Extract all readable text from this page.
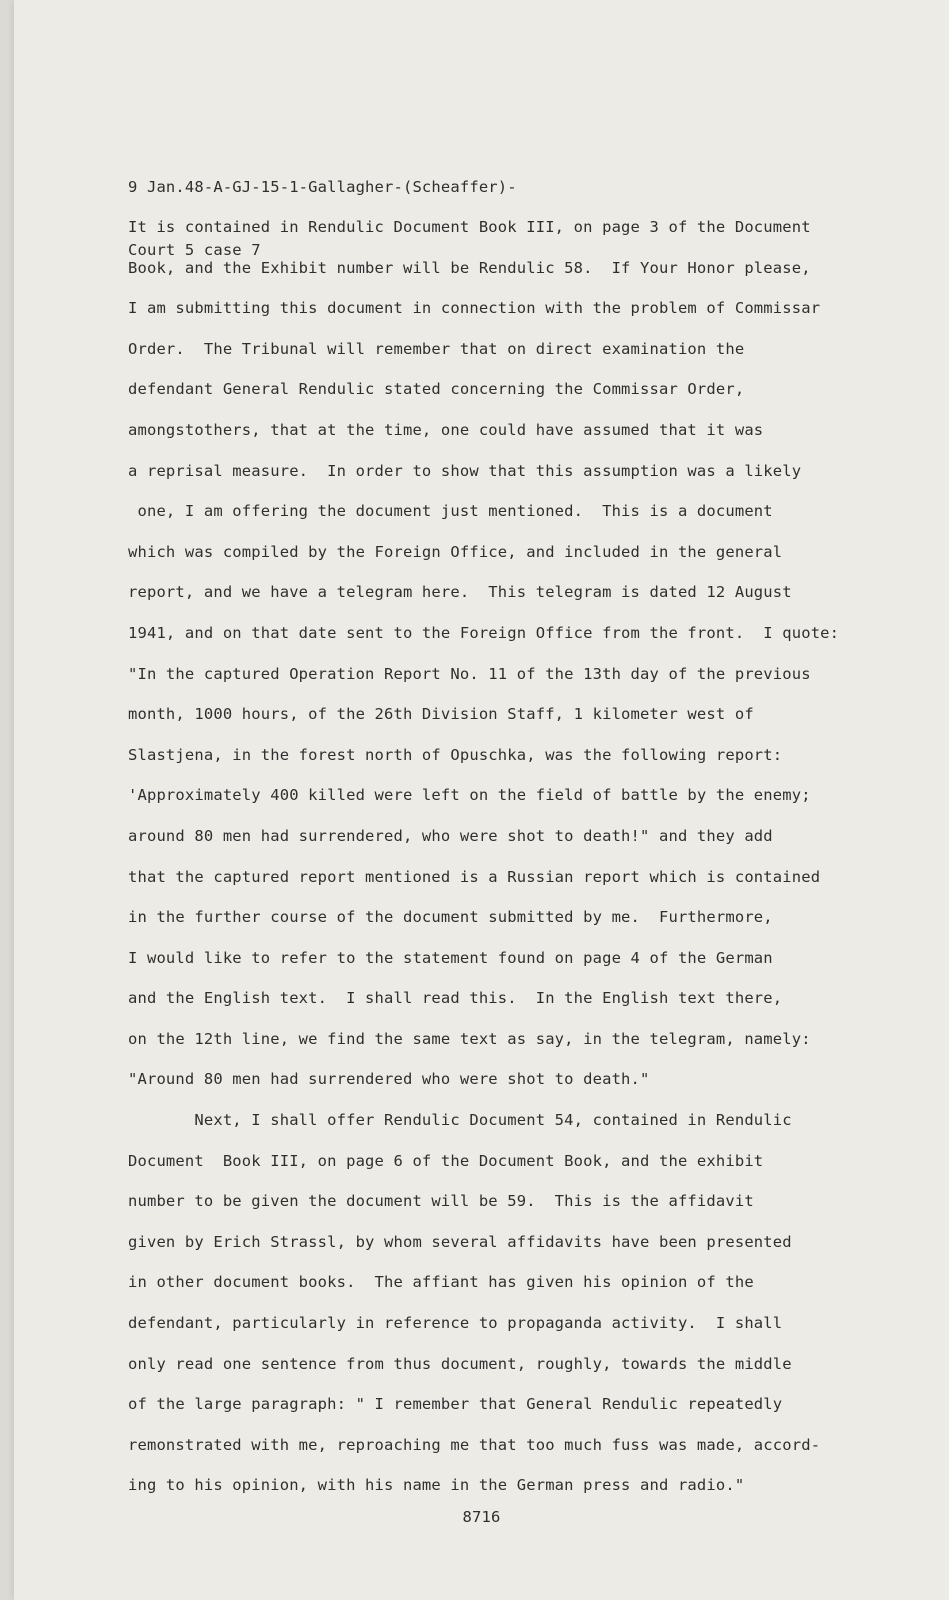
9 Jan.48-A-GJ-15-1-Gallagher-(Scheaffer)-

Court 5 case 7

It is contained in Rendulic Document Book III, on page 3 of the Document
Book, and the Exhibit number will be Rendulic 58.  If Your Honor please,
I am submitting this document in connection with the problem of Commissar
Order.  The Tribunal will remember that on direct examination the
defendant General Rendulic stated concerning the Commissar Order,
amongstothers, that at the time, one could have assumed that it was
a reprisal measure.  In order to show that this assumption was a likely
one, I am offering the document just mentioned.  This is a document
which was compiled by the Foreign Office, and included in the general
report, and we have a telegram here.  This telegram is dated 12 August
1941, and on that date sent to the Foreign Office from the front.  I quote:
"In the captured Operation Report No. 11 of the 13th day of the previous
month, 1000 hours, of the 26th Division Staff, 1 kilometer west of
Slastjena, in the forest north of Opuschka, was the following report:
'Approximately 400 killed were left on the field of battle by the enemy;
around 80 men had surrendered, who were shot to death!" and they add
that the captured report mentioned is a Russian report which is contained
in the further course of the document submitted by me.  Furthermore,
I would like to refer to the statement found on page 4 of the German
and the English text.  I shall read this.  In the English text there,
on the 12th line, we find the same text as say, in the telegram, namely:
"Around 80 men had surrendered who were shot to death."
Next, I shall offer Rendulic Document 54, contained in Rendulic
Document  Book III, on page 6 of the Document Book, and the exhibit
number to be given the document will be 59.  This is the affidavit
given by Erich Strassl, by whom several affidavits have been presented
in other document books.  The affiant has given his opinion of the
defendant, particularly in reference to propaganda activity.  I shall
only read one sentence from thus document, roughly, towards the middle
of the large paragraph: " I remember that General Rendulic repeatedly
remonstrated with me, reproaching me that too much fuss was made, accord-
ing to his opinion, with his name in the German press and radio."
8716
